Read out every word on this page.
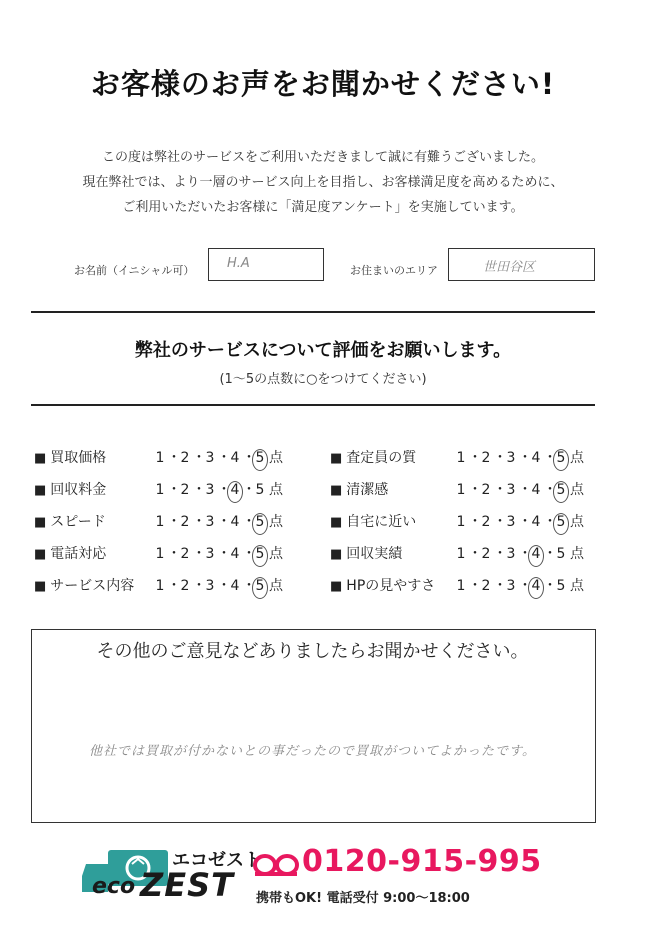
お客様のお声をお聞かせください!
この度は弊社のサービスをご利用いただきまして誠に有難うございました。
現在弊社では、より一層のサービス向上を目指し、お客様満足度を高めるために、
ご利用いただいたお客様に「満足度アンケート」を実施しています。
お名前（イニシャル可）	H.A	お住まいのエリア	世田谷区
弊社のサービスについて評価をお願いします。
(1～5の点数に○をつけてください)
■ 買取価格	1 ・2 ・3 ・4 ・5 点	■ 査定員の質	1 ・2 ・3 ・4 ・5 点
■ 回収料金	1 ・2 ・3 ・4 ・5 点	■ 清潔感	1 ・2 ・3 ・4 ・5 点
■ スピード	1 ・2 ・3 ・4 ・5 点	■ 自宅に近い	1 ・2 ・3 ・4 ・5 点
■ 電話対応	1 ・2 ・3 ・4 ・5 点	■ 回収実績	1 ・2 ・3 ・4 ・5 点
■ サービス内容 1 ・2 ・3 ・4 ・5 点	■ HPの見やすさ 1 ・2 ・3 ・4 ・5 点
その他のご意見などありましたらお聞かせください。
他社では買取が付かないとの事だったので買取がついてよかったです。
エコゼスト
eco ZEST
0120-915-995
携帯もOK! 電話受付 9:00～18:00
